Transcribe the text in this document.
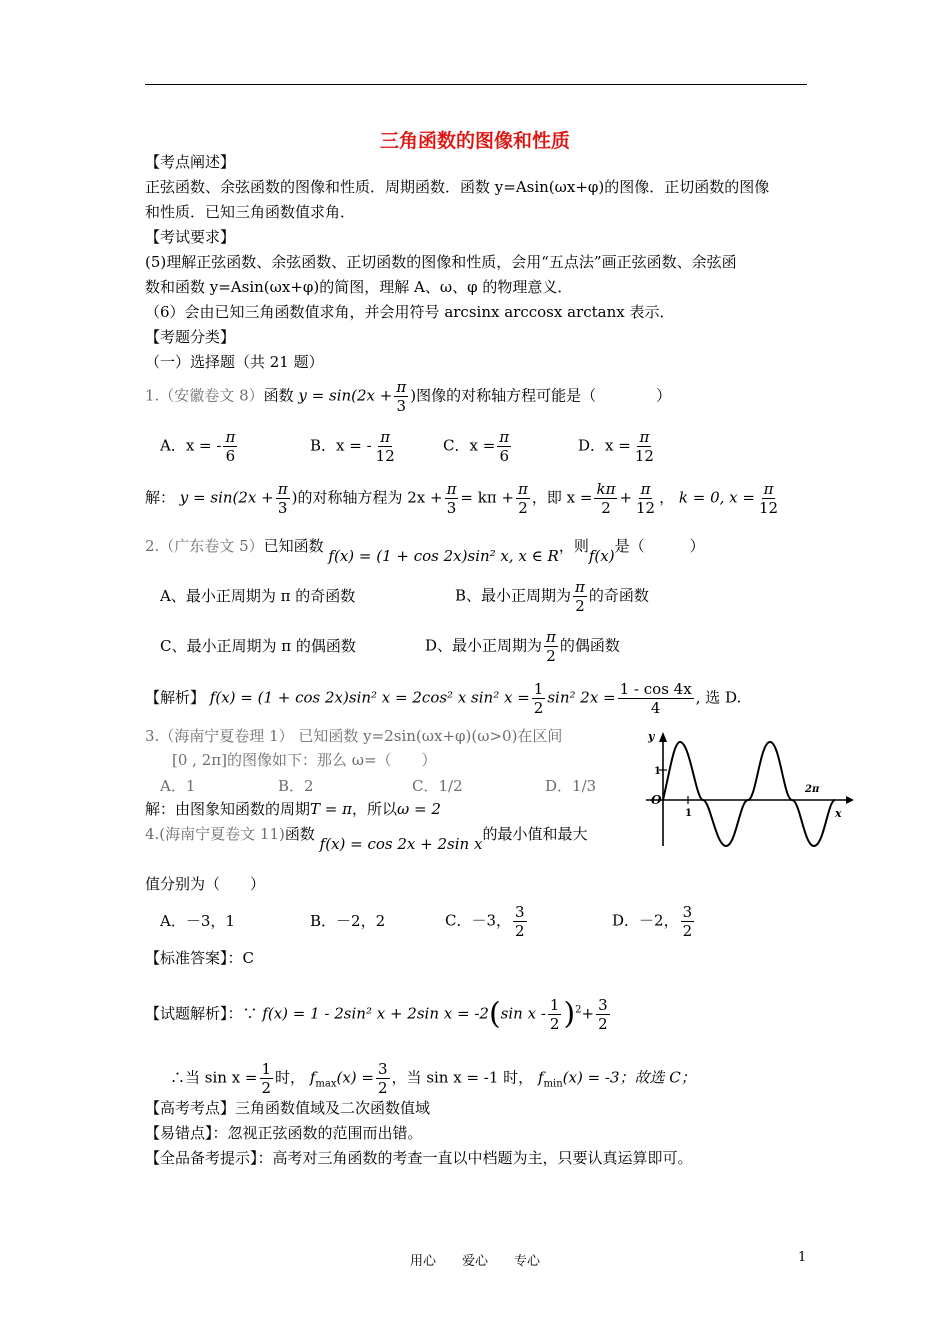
三角函数的图像和性质
【考点阐述】
正弦函数、余弦函数的图像和性质．周期函数．函数 y=Asin(ωx+φ)的图像．正切函数的图像
和性质．已知三角函数值求角．
【考试要求】
(5)理解正弦函数、余弦函数、正切函数的图像和性质，会用“五点法”画正弦函数、余弦函
数和函数 y=Asin(ωx+φ)的简图，理解 A、ω、φ 的物理意义．
（6）会由已知三角函数值求角，并会用符号 arcsinx arccosx arctanx 表示．
【考题分类】
（一）选择题（共 21 题）
1.（安徽卷文 8）函数 $y = \sin(2x + \frac{\pi}{3}$ )图像的对称轴方程可能是（　　　　）
A．x = - $\frac{\pi}{6}$	B．x = - $\frac{\pi}{12}$	C．$x = \frac{\pi}{6}$	D．$x = \frac{\pi}{12}$
解： $y = \sin(2x + \frac{\pi}{3}$ )的对称轴方程为 $2x + \frac{\pi}{3} = k\pi + \frac{\pi}{2}$ ，即 $x = \frac{k\pi}{2} + \frac{\pi}{12}$ ， k = 0, $x = \frac{\pi}{12}$
2.（广东卷文 5）已知函数 f(x) = (1 + cos 2x)sin² x, x ∈ R，则f(x)是（　　　）
A、最小正周期为 π 的奇函数	B、最小正周期为 $\frac{\pi}{2}$ 的奇函数
C、最小正周期为 π 的偶函数	D、最小正周期为 $\frac{\pi}{2}$ 的偶函数
【解析】 f(x) = (1 + cos 2x)sin² x = 2cos² x sin² $x = \frac{1}{2} \sin^2$ $2x = \frac{1 - \cos 4x}{4}$ , 选 D.
3.（海南宁夏卷理 1） 已知函数 y=2sin(ωx+φ)(ω>0)在区间
[0 , 2π]的图像如下：那么 ω=（　　）
A．1	B．2	C．1/2	D．1/3
解：由图象知函数的周期T = π，所以ω = 2
y
x
O
1
1
2π
4.(海南宁夏卷文 11)函数 f(x) = cos 2x + 2sin x的最小值和最大
值分别为（　　）
A．－3，1	B．－2，2	C．－3， $\frac{3}{2}$	D．－2， $\frac{3}{2}$
【标准答案】：C
【试题解析】：∵ f(x) = 1 - 2sin² x + 2sin x = -2(sin $x - \frac{1}{2} )^2+ \frac{3}{2}$
∴当 $\sin x = \frac{1}{2}$ 时， $f_{max}(x) = \frac{3}{2}$ ，当 sin x = -1 时， $f_{min}(x) = -3$；故选 C；
【高考考点】三角函数值域及二次函数值域
【易错点】：忽视正弦函数的范围而出错。
【全品备考提示】：高考对三角函数的考查一直以中档题为主，只要认真运算即可。
用心　　爱心　　专心	1
